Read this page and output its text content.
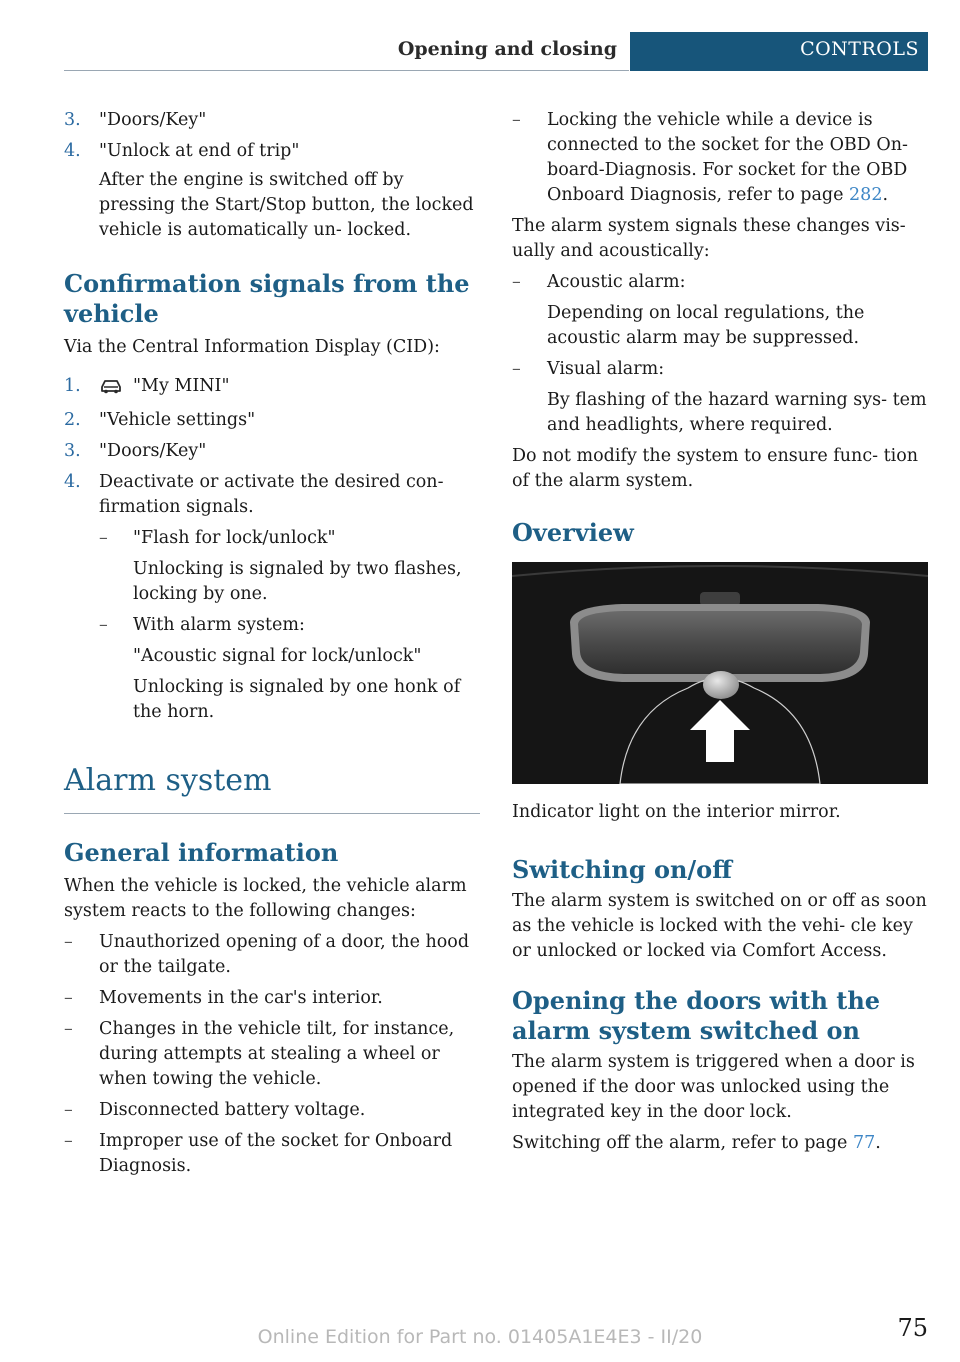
Opening and closing	CONTROLS
3. "Doors/Key"
4. "Unlock at end of trip"

After the engine is switched off by pressing the Start/Stop button, the locked vehicle is automatically un‐ locked.

Confirmation signals from the vehicle

Via the Central Information Display (CID):

1.	"My MINI"
2. "Vehicle settings"
3. "Doors/Key"
4. Deactivate or activate the desired con‐ firmation signals.
– "Flash for lock/unlock"

Unlocking is signaled by two flashes, locking by one.

– With alarm system:

"Acoustic signal for lock/unlock"

Unlocking is signaled by one honk of the horn.

Alarm system
General information

When the vehicle is locked, the vehicle alarm system reacts to the following changes:

– Unauthorized opening of a door, the hood or the tailgate.
– Movements in the car's interior.
– Changes in the vehicle tilt, for instance, during attempts at stealing a wheel or when towing the vehicle.
– Disconnected battery voltage.
– Improper use of the socket for Onboard Diagnosis.
– Locking the vehicle while a device is connected to the socket for the OBD On‐ board-Diagnosis. For socket for the OBD Onboard Diagnosis, refer to page 282.

The alarm system signals these changes vis‐ ually and acoustically:

– Acoustic alarm:

Depending on local regulations, the acoustic alarm may be suppressed.

– Visual alarm:

By flashing of the hazard warning sys‐ tem and headlights, where required.

Do not modify the system to ensure func‐ tion of the alarm system.

Overview

Indicator light on the interior mirror.

Switching on/off

The alarm system is switched on or off as soon as the vehicle is locked with the vehi‐ cle key or unlocked or locked via Comfort Access.

Opening the doors with the alarm system switched on

The alarm system is triggered when a door is opened if the door was unlocked using the integrated key in the door lock.

Switching off the alarm, refer to page 77.

75
Online Edition for Part no. 01405A1E4E3 - II/20
